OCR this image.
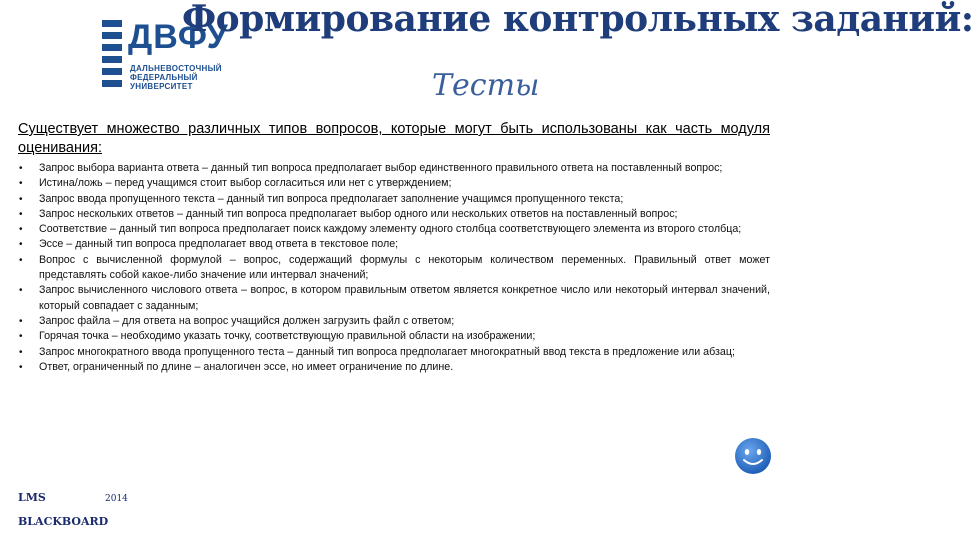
ДВФУ
ДАЛЬНЕВОСТОЧНЫЙ
ФЕДЕРАЛЬНЫЙ
УНИВЕРСИТЕТ
Формирование контрольных заданий:
Тесты
Существует множество различных типов вопросов, которые могут быть использованы как часть модуля оценивания:
• Запрос выбора варианта ответа – данный тип вопроса предполагает выбор единственного правильного ответа на поставленный вопрос;
• Истина/ложь – перед учащимся стоит выбор согласиться или нет с утверждением;
• Запрос ввода пропущенного текста – данный тип вопроса предполагает заполнение учащимся пропущенного текста;
• Запрос нескольких ответов – данный тип вопроса предполагает выбор одного или нескольких ответов на поставленный вопрос;
• Соответствие – данный тип вопроса предполагает поиск каждому элементу одного столбца соответствующего элемента из второго столбца;
• Эссе – данный тип вопроса предполагает ввод ответа в текстовое поле;
• Вопрос с вычисленной формулой – вопрос, содержащий формулы с некоторым количеством переменных. Правильный ответ может представлять собой какое-либо значение или интервал значений;
• Запрос вычисленного числового ответа – вопрос, в котором правильным ответом является конкретное число или некоторый интервал значений, который совпадает с заданным;
• Запрос файла – для ответа на вопрос учащийся должен загрузить файл с ответом;
• Горячая точка – необходимо указать точку, соответствующую правильной области на изображении;
• Запрос многократного ввода пропущенного теста – данный тип вопроса предполагает многократный ввод текста в предложение или абзац;
• Ответ, ограниченный по длине – аналогичен эссе, но имеет ограничение по длине.
LMS	2014
BLACKBOARD
